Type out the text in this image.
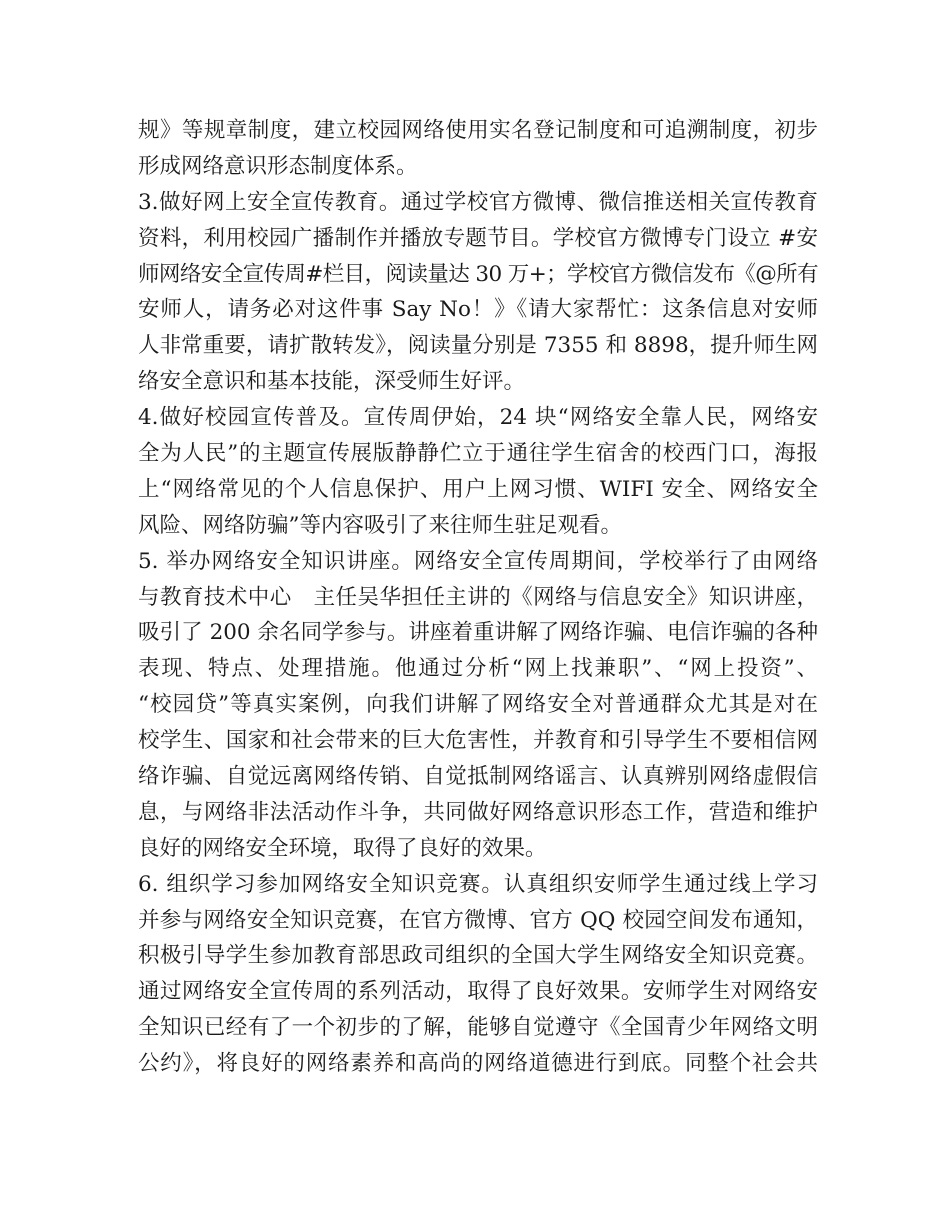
规》等规章制度，建立校园网络使用实名登记制度和可追溯制度，初步
形成网络意识形态制度体系。
3.做好网上安全宣传教育。通过学校官方微博、微信推送相关宣传教育
资料，利用校园广播制作并播放专题节目。学校官方微博专门设立 #安
师网络安全宣传周#栏目，阅读量达 30 万+；学校官方微信发布《@所有
安师人，请务必对这件事 Say No！》《请大家帮忙：这条信息对安师
人非常重要，请扩散转发》，阅读量分别是 7355 和 8898，提升师生网
络安全意识和基本技能，深受师生好评。
4.做好校园宣传普及。宣传周伊始，24 块“网络安全靠人民，网络安
全为人民”的主题宣传展版静静伫立于通往学生宿舍的校西门口，海报
上“网络常见的个人信息保护、用户上网习惯、WIFI 安全、网络安全
风险、网络防骗”等内容吸引了来往师生驻足观看。
5. 举办网络安全知识讲座。网络安全宣传周期间，学校举行了由网络
与教育技术中心　主任吴华担任主讲的《网络与信息安全》知识讲座，
吸引了 200 余名同学参与。讲座着重讲解了网络诈骗、电信诈骗的各种
表现、特点、处理措施。他通过分析“网上找兼职”、“网上投资”、
“校园贷”等真实案例，向我们讲解了网络安全对普通群众尤其是对在
校学生、国家和社会带来的巨大危害性，并教育和引导学生不要相信网
络诈骗、自觉远离网络传销、自觉抵制网络谣言、认真辨别网络虚假信
息，与网络非法活动作斗争，共同做好网络意识形态工作，营造和维护
良好的网络安全环境，取得了良好的效果。
6. 组织学习参加网络安全知识竞赛。认真组织安师学生通过线上学习
并参与网络安全知识竞赛，在官方微博、官方 QQ 校园空间发布通知，
积极引导学生参加教育部思政司组织的全国大学生网络安全知识竞赛。
通过网络安全宣传周的系列活动，取得了良好效果。安师学生对网络安
全知识已经有了一个初步的了解，能够自觉遵守《全国青少年网络文明
公约》，将良好的网络素养和高尚的网络道德进行到底。同整个社会共
